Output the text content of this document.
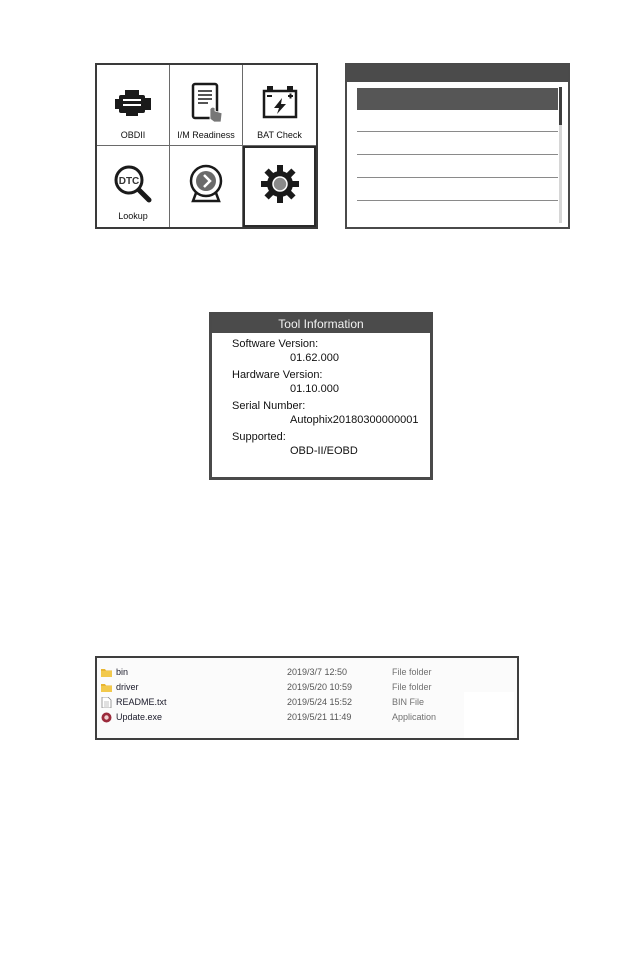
OBDII	I/M Readiness BAT Check
DTC
Lookup
Tool Information
Software Version:
01.62.000
Hardware Version:
01.10.000
Serial Number:
Autophix20180300000001
Supported:
OBD-II/EOBD
bin	2019/3/7 12:50	File folder
driver	2019/5/20 10:59	File folder
README.txt	2019/5/24 15:52	BIN File
Update.exe	2019/5/21 11:49	Application
